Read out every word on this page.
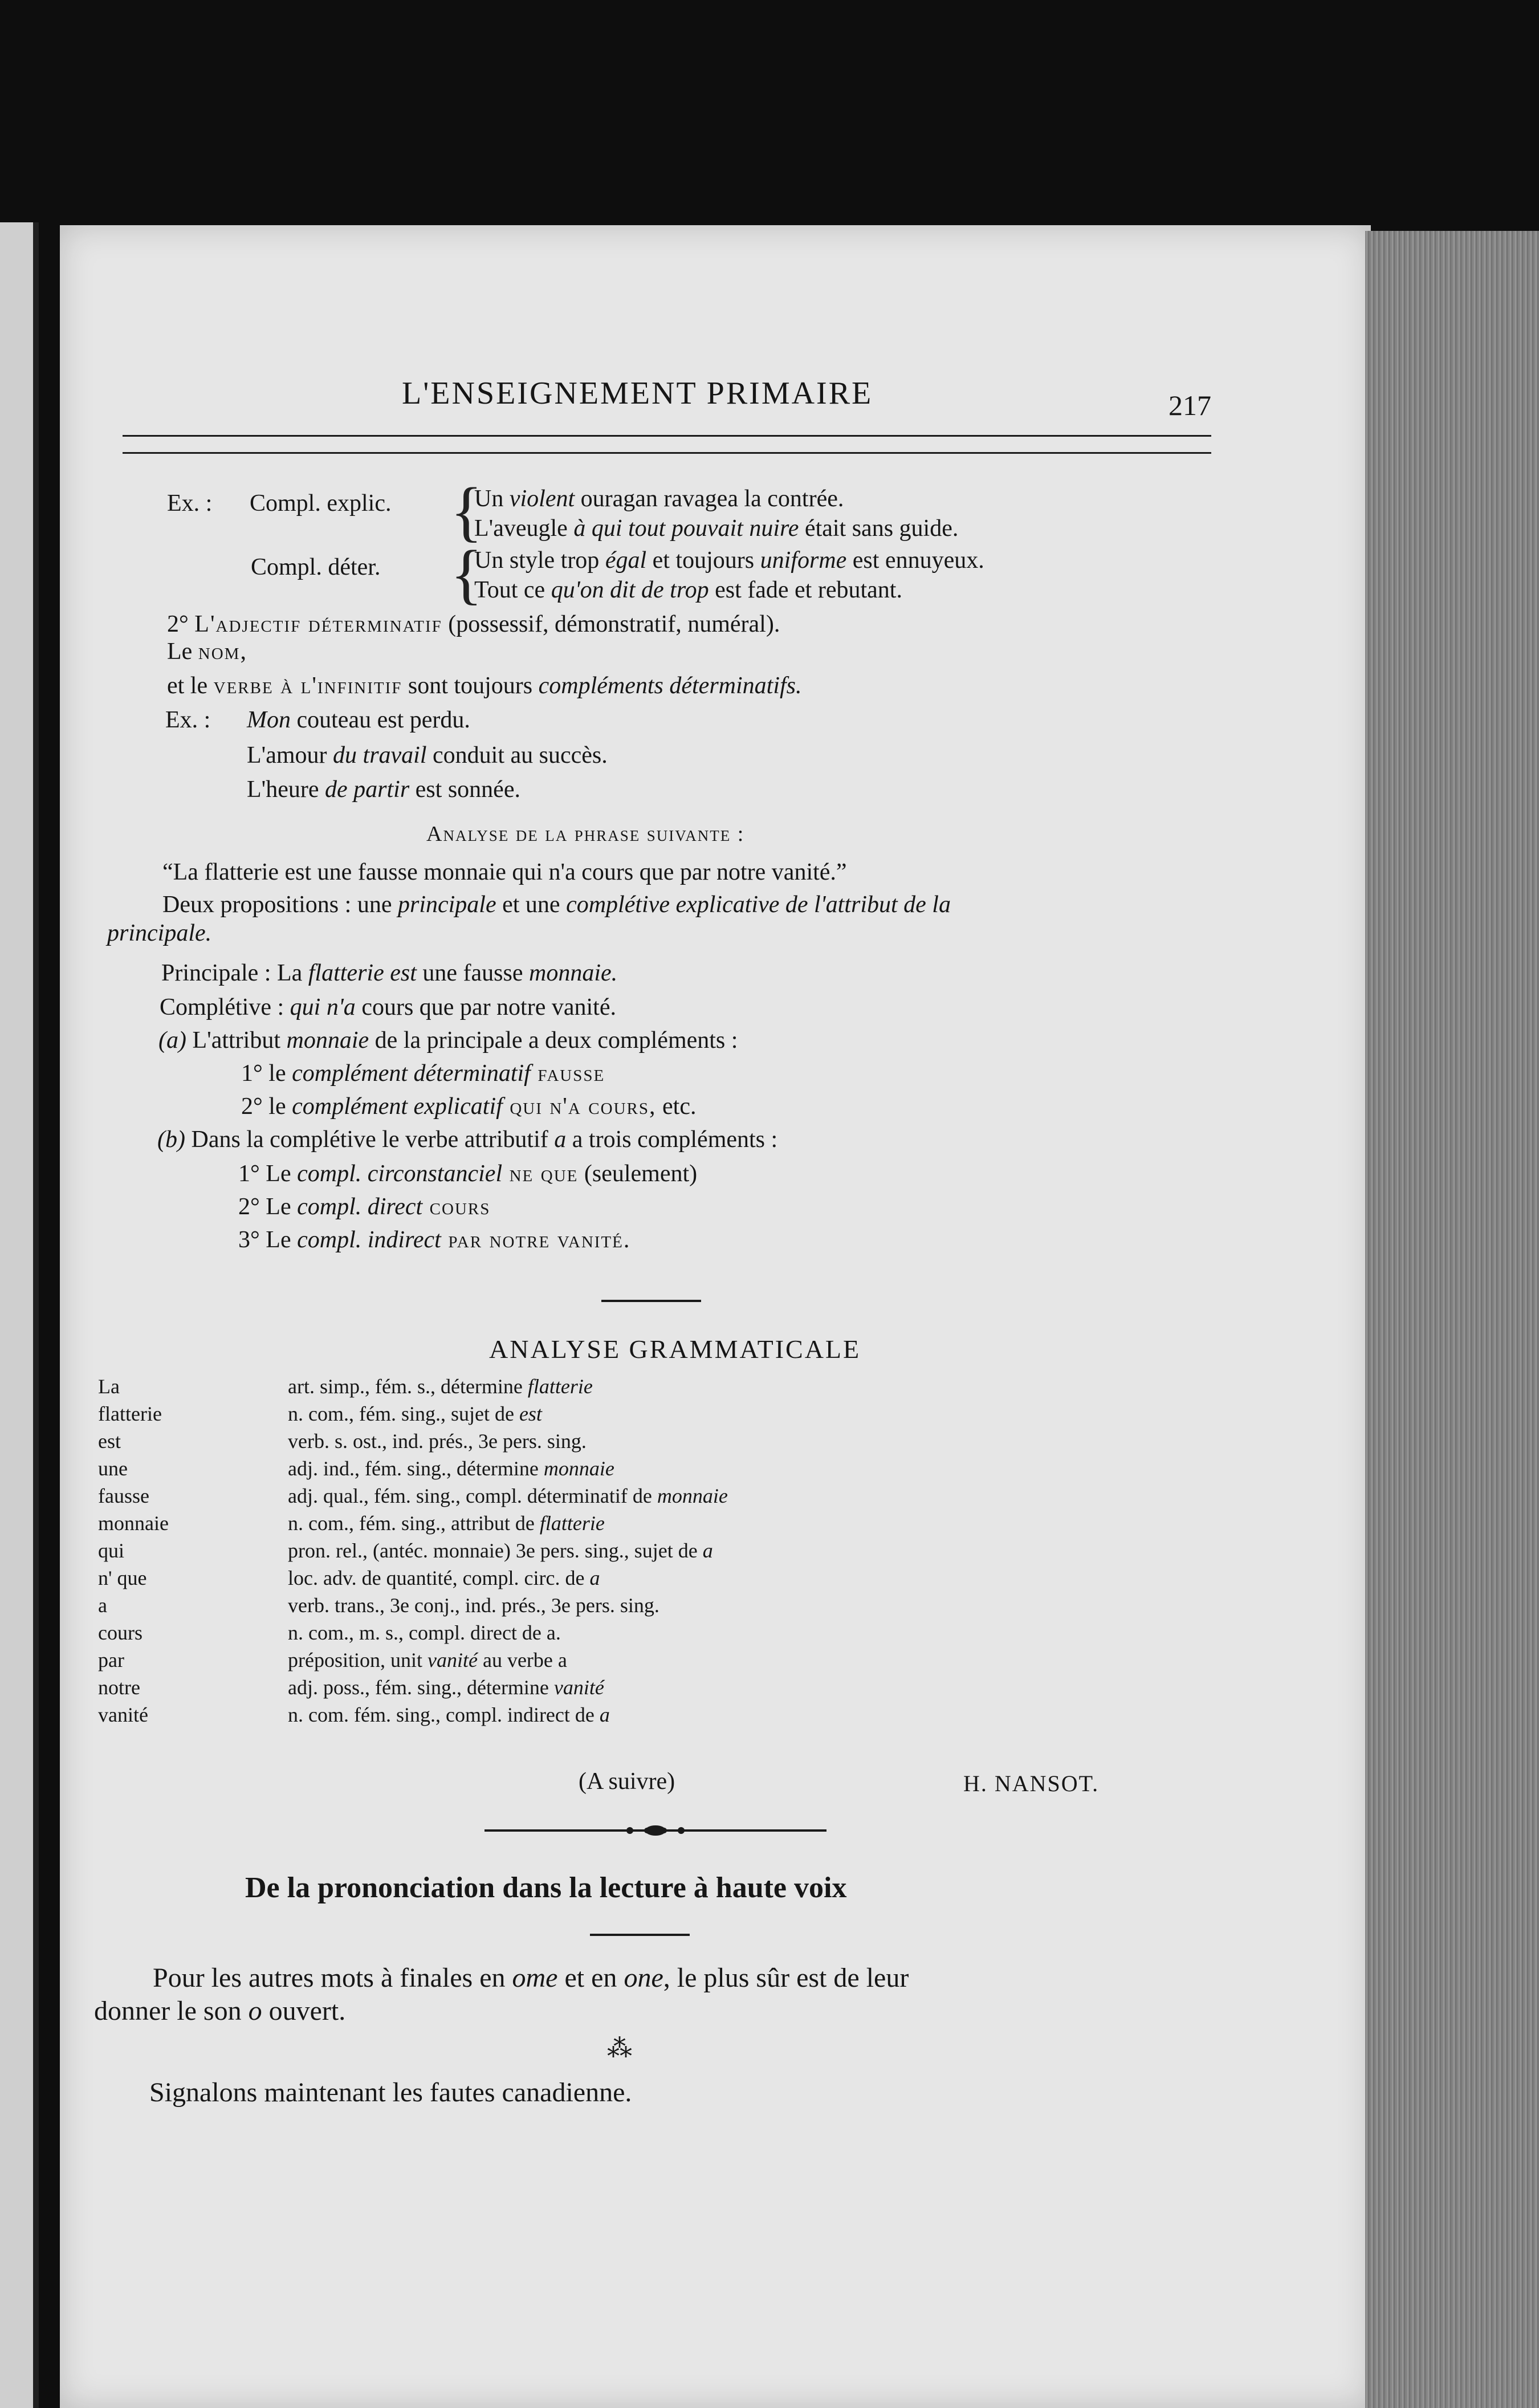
L'ENSEIGNEMENT PRIMAIRE	217
Ex. : Compl. explic. {
Un violent ouragan ravagea la contrée.
L'aveugle à qui tout pouvait nuire était sans guide.
Compl. déter. {
Un style trop égal et toujours uniforme est ennuyeux.
Tout ce qu'on dit de trop est fade et rebutant.
2° L'adjectif déterminatif (possessif, démonstratif, numéral).
Le nom,
et le verbe à l'infinitif sont toujours compléments déterminatifs.
Ex. : Mon couteau est perdu.
L'amour du travail conduit au succès.
L'heure de partir est sonnée.
Analyse de la phrase suivante :
“La flatterie est une fausse monnaie qui n'a cours que par notre vanité.”
Deux propositions : une principale et une complétive explicative de l'attribut de la
principale.
Principale : La flatterie est une fausse monnaie.
Complétive : qui n'a cours que par notre vanité.
(a) L'attribut monnaie de la principale a deux compléments :
1° le complément déterminatif fausse
2° le complément explicatif qui n'a cours, etc.
(b) Dans la complétive le verbe attributif a a trois compléments :
1° Le compl. circonstanciel ne que (seulement)
2° Le compl. direct cours
3° Le compl. indirect par notre vanité.
ANALYSE GRAMMATICALE
La
flatterie
est
une
fausse
monnaie
qui
n' que
a
cours
par
notre
vanité
art. simp., fém. s., détermine flatterie
n. com., fém. sing., sujet de est
verb. s. ost., ind. prés., 3e pers. sing.
adj. ind., fém. sing., détermine monnaie
adj. qual., fém. sing., compl. déterminatif de monnaie
n. com., fém. sing., attribut de flatterie
pron. rel., (antéc. monnaie) 3e pers. sing., sujet de a
loc. adv. de quantité, compl. circ. de a
verb. trans., 3e conj., ind. prés., 3e pers. sing.
n. com., m. s., compl. direct de a.
préposition, unit vanité au verbe a
adj. poss., fém. sing., détermine vanité
n. com. fém. sing., compl. indirect de a
(A suivre)	H. NANSOT.
De la prononciation dans la lecture à haute voix
Pour les autres mots à finales en ome et en one, le plus sûr est de leur
donner le son o ouvert.
⁂
Signalons maintenant les fautes canadienne.
